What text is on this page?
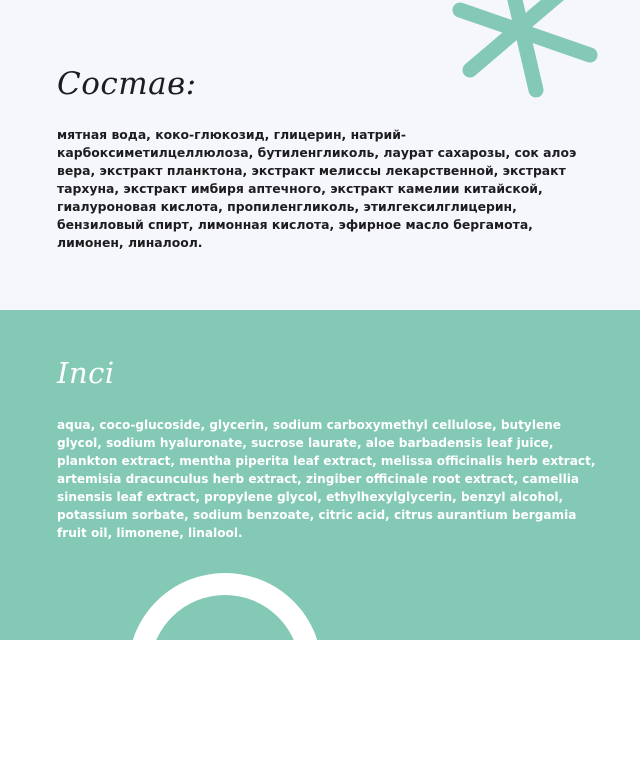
Состав:

мятная вода, коко-глюкозид, глицерин, натрий-карбоксиметилцеллюлоза, бутиленгликоль, лаурат сахарозы, сок алоэ вера, экстракт планктона, экстракт мелиссы лекарственной, экстракт тархуна, экстракт имбиря аптечного, экстракт камелии китайской, гиалуроновая кислота, пропиленгликоль, этилгексилглицерин, бензиловый спирт, лимонная кислота, эфирное масло бергамота, лимонен, линалоол.

Inci

aqua, coco-glucoside, glycerin, sodium carboxymethyl cellulose, butylene glycol, sodium hyaluronate, sucrose laurate, aloe barbadensis leaf juice, plankton extract, mentha piperita leaf extract, melissa officinalis herb extract, artemisia dracunculus herb extract, zingiber officinale root extract, camellia sinensis leaf extract, propylene glycol, ethylhexylglycerin, benzyl alcohol, potassium sorbate, sodium benzoate, citric acid, citrus aurantium bergamia fruit oil, limonene, linalool.
